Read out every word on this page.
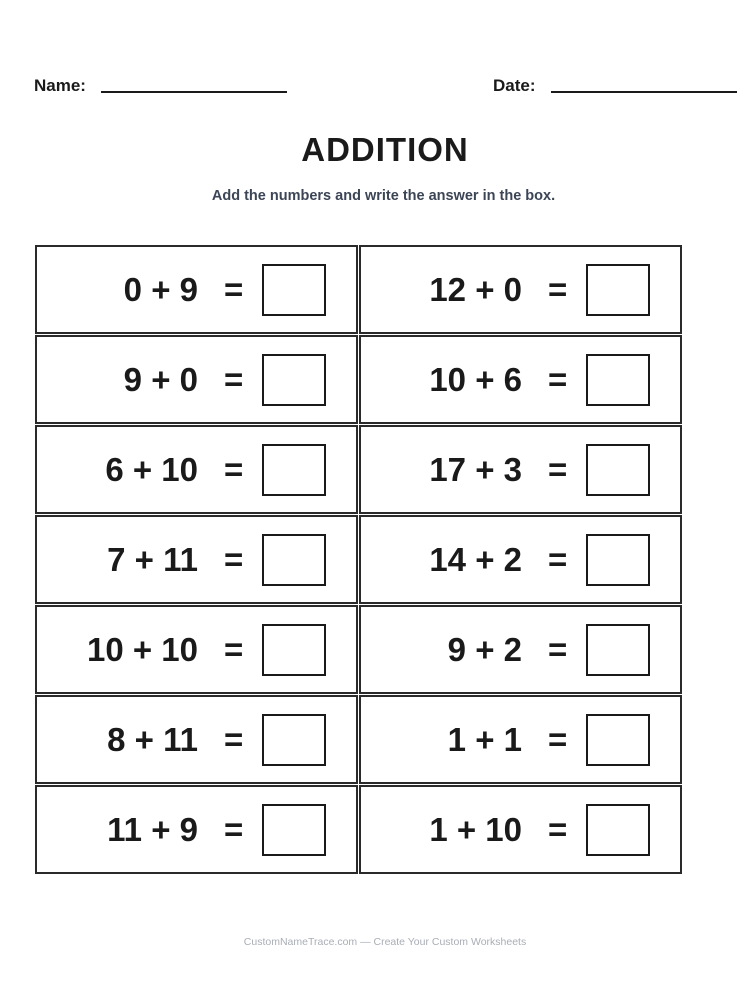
Name:	Date:
ADDITION
Add the numbers and write the answer in the box.
0 + 9 =
9 + 0 =
6 + 10 =
7 + 11 =
10 + 10 =
8 + 11 =
11 + 9 =
12 + 0 =
10 + 6 =
17 + 3 =
14 + 2 =
9 + 2 =
1 + 1 =
1 + 10 =
CustomNameTrace.com — Create Your Custom Worksheets
